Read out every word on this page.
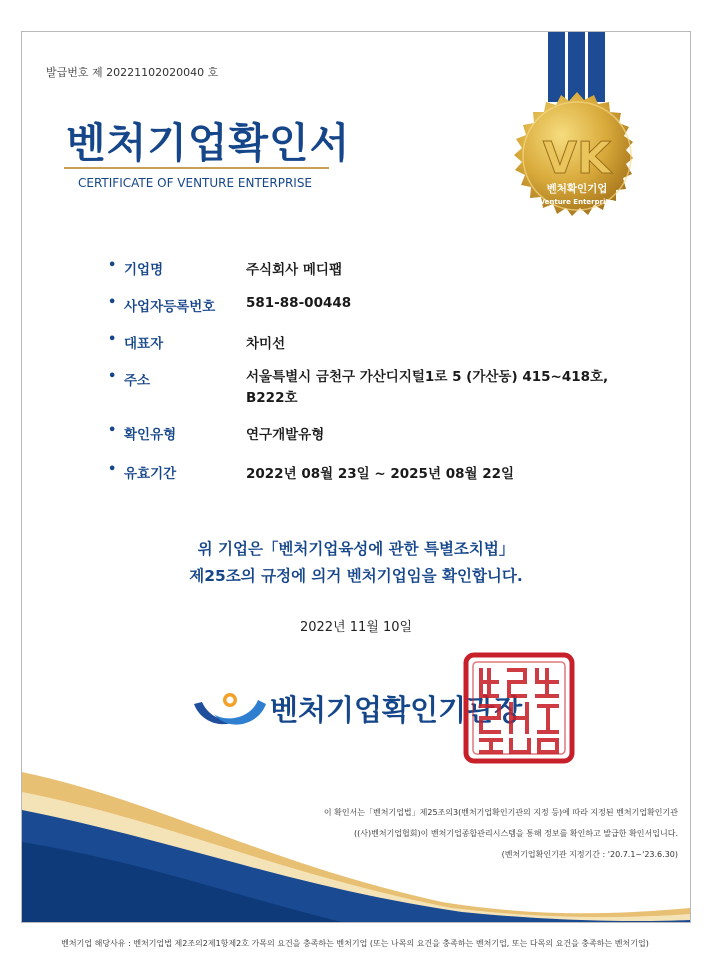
발급번호 제 20221102020040 호
VK
벤처확인기업
Venture Enterprise
벤처기업확인서
CERTIFICATE OF VENTURE ENTERPRISE
• 기업명	주식회사 메디팹
• 사업자등록번호 581-88-00448
• 대표자	차미선
• 주소	서울특별시 금천구 가산디지털1로 5 (가산동) 415~418호, B222호
• 확인유형	연구개발유형
• 유효기간	2022년 08월 23일 ~ 2025년 08월 22일
위 기업은「벤처기업육성에 관한 특별조치법」
제25조의 규정에 의거 벤처기업임을 확인합니다.
2022년 11월 10일
벤처기업확인기관장
이 확인서는「벤처기업법」제25조의3(벤처기업확인기관의 지정 등)에 따라 지정된 벤처기업확인기관
((사)벤처기업협회)이 벤처기업종합관리시스템을 통해 정보를 확인하고 발급한 확인서입니다.
(벤처기업확인기관 지정기간 : '20.7.1~'23.6.30)
벤처기업 해당사유 : 벤처기업법 제2조의2제1항제2호 가목의 요건을 충족하는 벤처기업 (또는 나목의 요건을 충족하는 벤처기업, 또는 다목의 요건을 충족하는 벤처기업)
